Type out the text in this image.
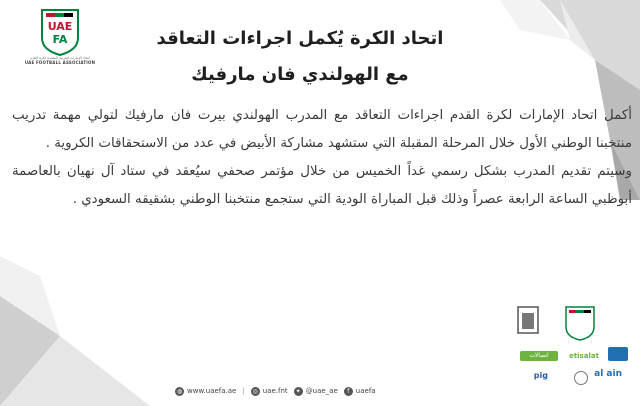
UAE
FA
اتحاد الإمارات العربية المتحدة لكرة القدم
UAE FOOTBALL ASSOCIATION
اتحاد الكرة يُكمل اجراءات التعاقد
مع الهولندي فان مارفيك

أكمل اتحاد الإمارات لكرة القدم اجراءات التعاقد مع المدرب الهولندي بيرت فان مارفيك لتولي مهمة تدريب منتخبنا الوطني الأول خلال المرحلة المقبلة التي ستشهد مشاركة الأبيض في عدد من الاستحقاقات الكروية .

وسيتم تقديم المدرب بشكل رسمي غداً الخميس من خلال مؤتمر صحفي سيُعقد في ستاد آل نهيان بالعاصمة أبوظبي الساعة الرابعة عصراً وذلك قبل المباراة الودية التي ستجمع منتخبنا الوطني بشقيقه السعودي .

اتصالات	etisalat
pig	al ain
◍ www.uaefa.ae |	◎ uae.fnt	✦ @uae_ae	f uaefa
